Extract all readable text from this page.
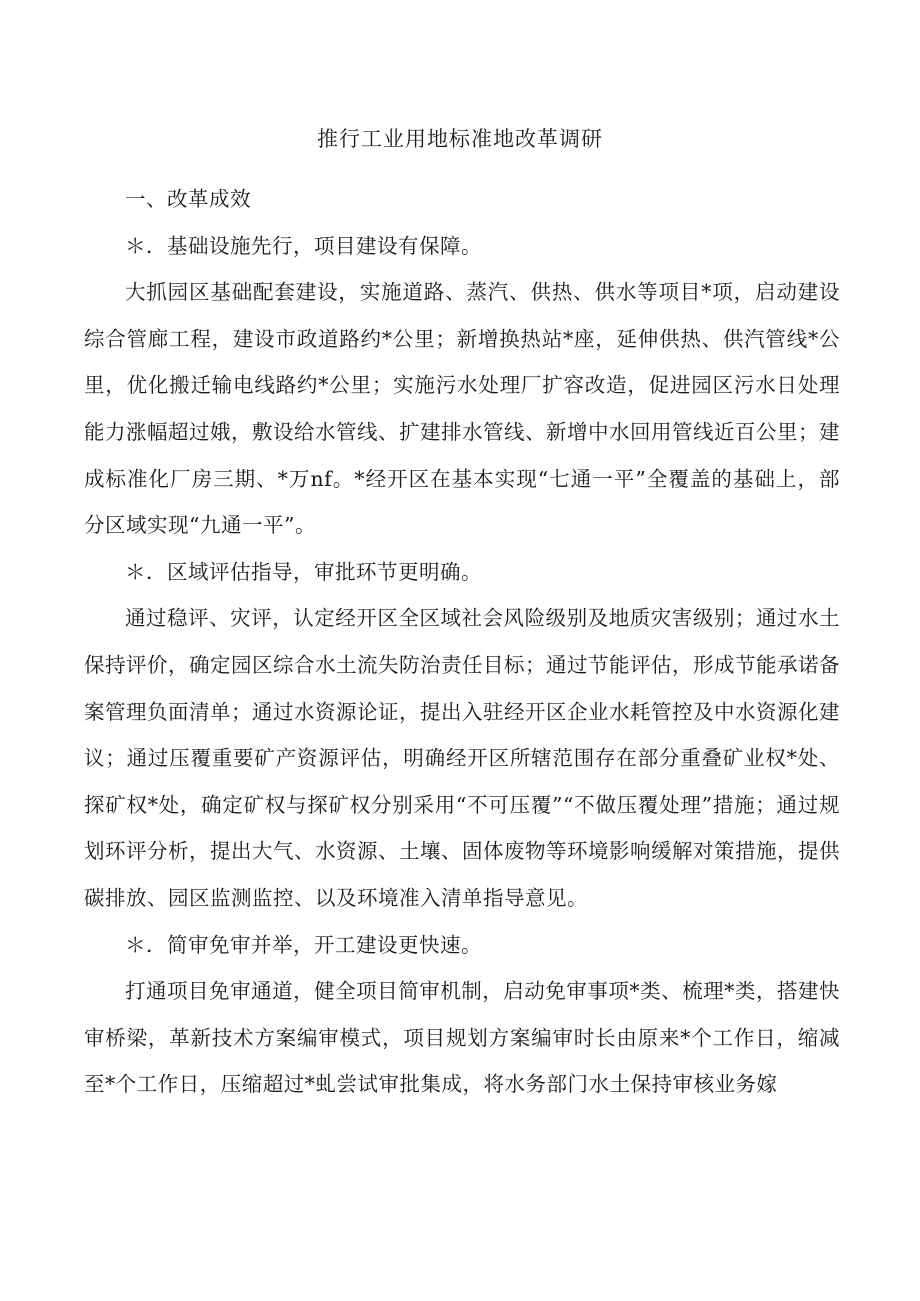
推行工业用地标准地改革调研

一、改革成效

＊．基础设施先行，项目建设有保障。

大抓园区基础配套建设，实施道路、蒸汽、供热、供水等项目*项，启动建设综合管廊工程，建设市政道路约*公里；新增换热站*座，延伸供热、供汽管线*公里，优化搬迁输电线路约*公里；实施污水处理厂扩容改造，促进园区污水日处理能力涨幅超过娥，敷设给水管线、扩建排水管线、新增中水回用管线近百公里；建成标准化厂房三期、*万nf。*经开区在基本实现“七通一平”全覆盖的基础上，部分区域实现“九通一平”。

＊．区域评估指导，审批环节更明确。

通过稳评、灾评，认定经开区全区域社会风险级别及地质灾害级别；通过水土保持评价，确定园区综合水土流失防治责任目标；通过节能评估，形成节能承诺备案管理负面清单；通过水资源论证，提出入驻经开区企业水耗管控及中水资源化建议；通过压覆重要矿产资源评估，明确经开区所辖范围存在部分重叠矿业权*处、探矿权*处，确定矿权与探矿权分别采用“不可压覆”“不做压覆处理”措施；通过规划环评分析，提出大气、水资源、土壤、固体废物等环境影响缓解对策措施，提供碳排放、园区监测监控、以及环境准入清单指导意见。

＊．简审免审并举，开工建设更快速。

打通项目免审通道，健全项目简审机制，启动免审事项*类、梳理*类，搭建快审桥梁，革新技术方案编审模式，项目规划方案编审时长由原来*个工作日，缩减至*个工作日，压缩超过*虬尝试审批集成，将水务部门水土保持审核业务嫁
